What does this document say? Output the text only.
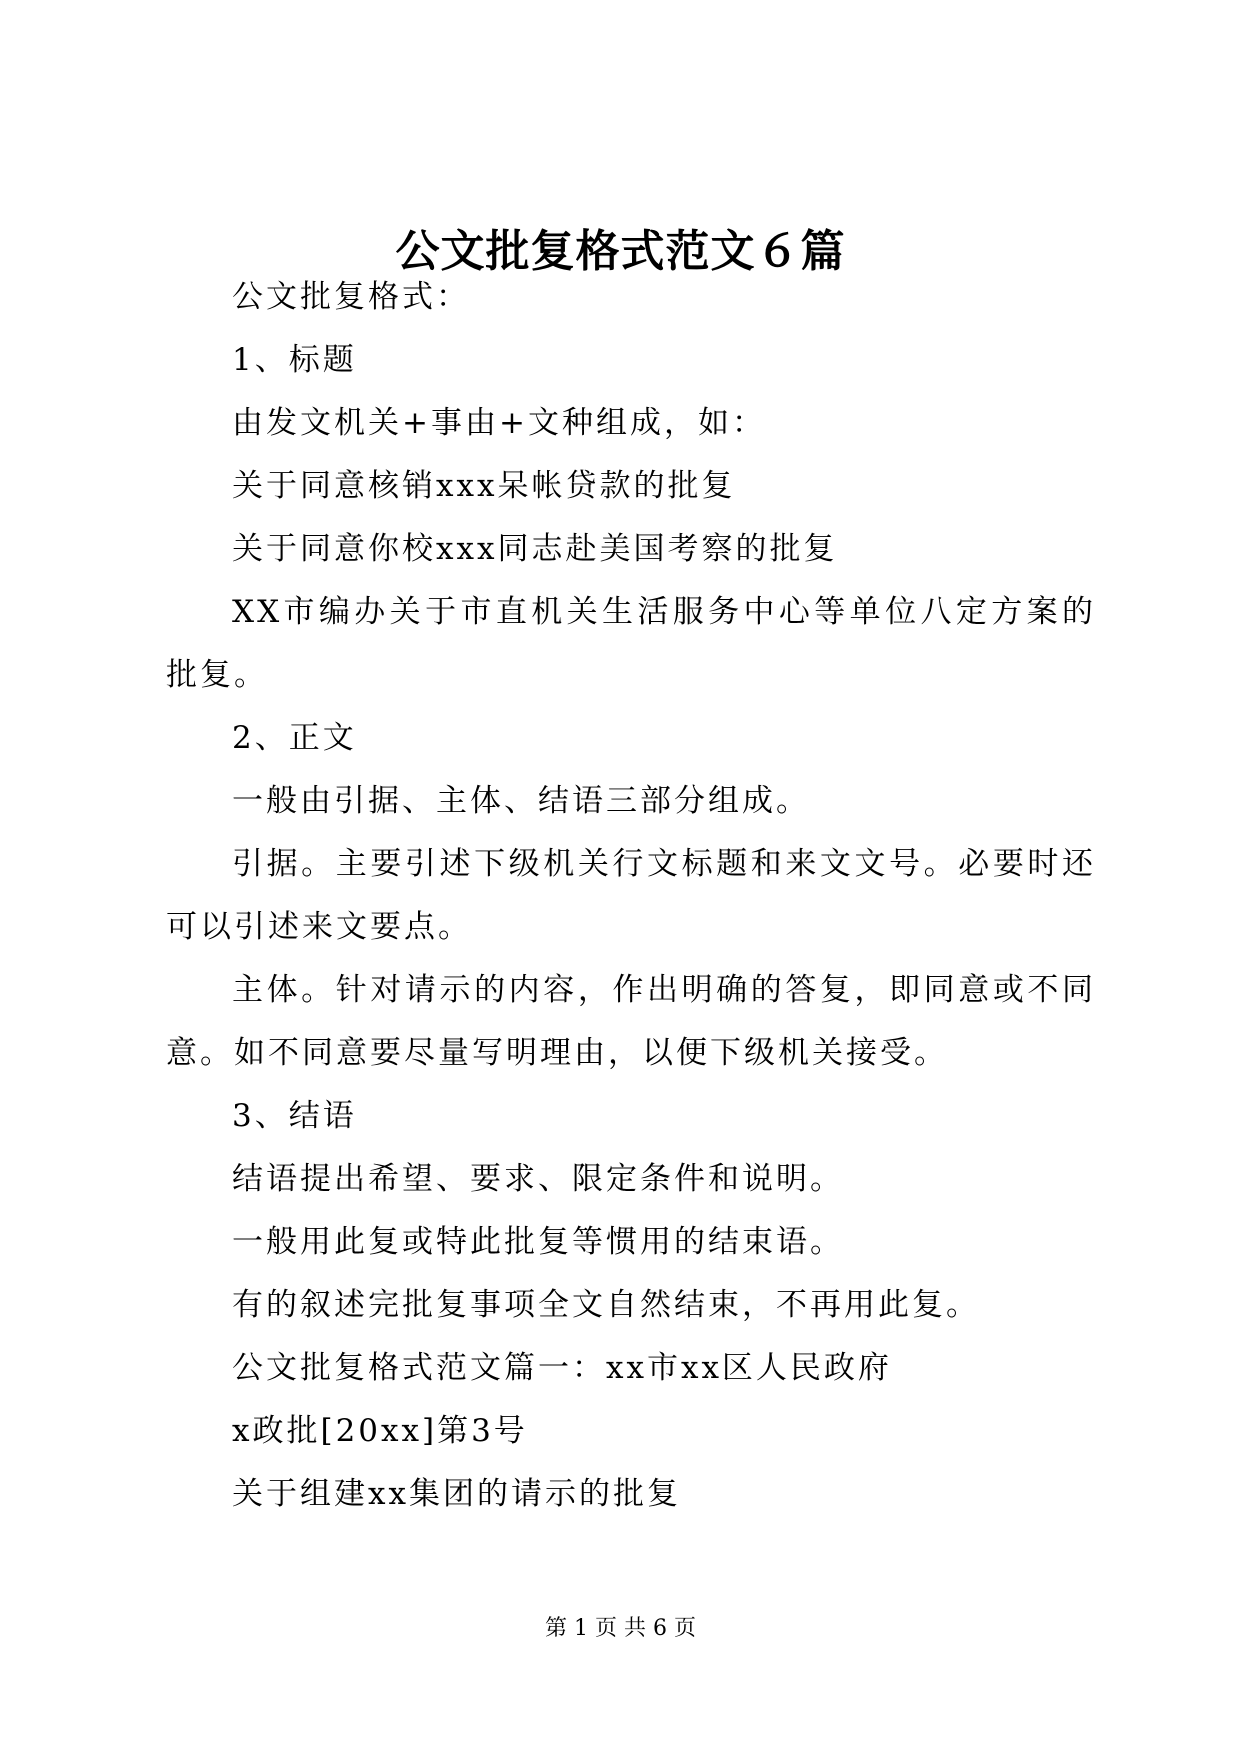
公文批复格式范文６篇

公文批复格式：

1、标题

由发文机关+事由+文种组成，如：

关于同意核销xxx呆帐贷款的批复

关于同意你校xxx同志赴美国考察的批复

XX市编办关于市直机关生活服务中心等单位八定方案的批复。

2、正文

一般由引据、主体、结语三部分组成。

引据。主要引述下级机关行文标题和来文文号。必要时还可以引述来文要点。

主体。针对请示的内容，作出明确的答复，即同意或不同意。如不同意要尽量写明理由，以便下级机关接受。

3、结语

结语提出希望、要求、限定条件和说明。

一般用此复或特此批复等惯用的结束语。

有的叙述完批复事项全文自然结束，不再用此复。

公文批复格式范文篇一：xx市xx区人民政府

x政批[20xx]第3号

关于组建xx集团的请示的批复

第 1 页 共 6 页
